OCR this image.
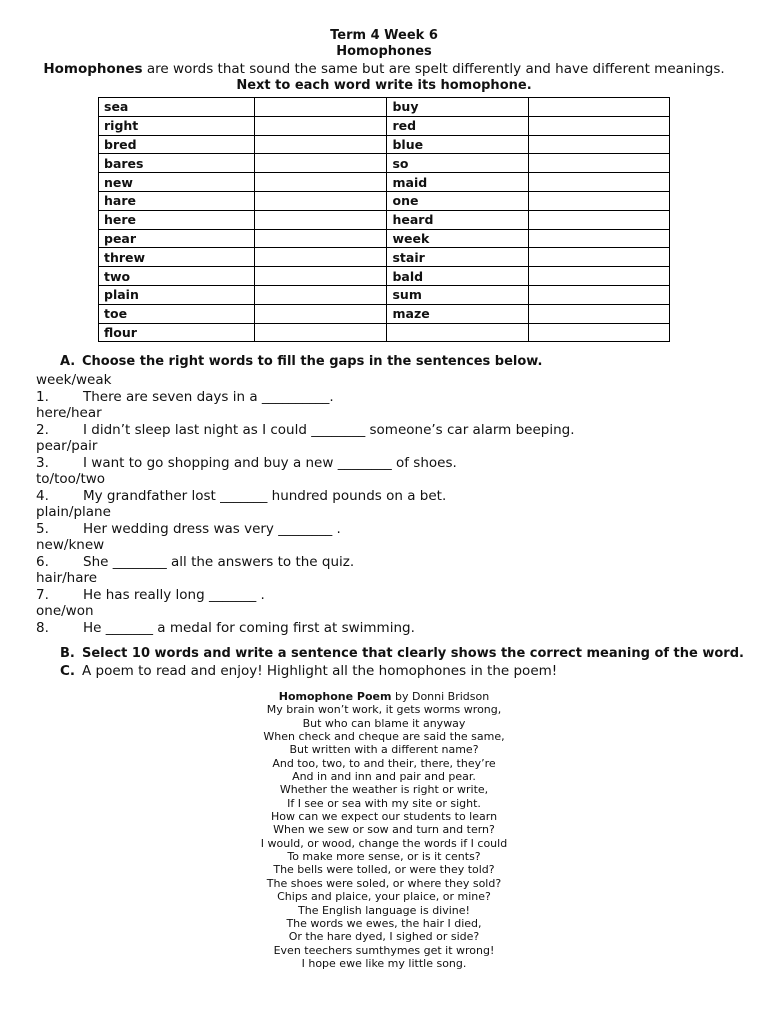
Term 4 Week 6
Homophones
Homophones are words that sound the same but are spelt differently and have different meanings.
Next to each word write its homophone.
sea		buy	
right		red	
bred		blue	
bares		so	
new		maid	
hare		one	
here		heard	
pear		week	
threw		stair	
two		bald	
plain		sum	
toe		maze	
flour			
A. Choose the right words to fill the gaps in the sentences below.
week/weak
1.	There are seven days in a __________.
here/hear
2.	I didn’t sleep last night as I could ________ someone’s car alarm beeping.
pear/pair
3.	I want to go shopping and buy a new ________ of shoes.
to/too/two
4.	My grandfather lost _______ hundred pounds on a bet.
plain/plane
5.	Her wedding dress was very ________ .
new/knew
6.	She ________ all the answers to the quiz.
hair/hare
7.	He has really long _______ .
one/won
8.	He _______ a medal for coming first at swimming.
B. Select 10 words and write a sentence that clearly shows the correct meaning of the word.
C. A poem to read and enjoy! Highlight all the homophones in the poem!
Homophone Poem by Donni Bridson
My brain won’t work, it gets worms wrong,
But who can blame it anyway
When check and cheque are said the same,
But written with a different name?
And too, two, to and their, there, they’re
And in and inn and pair and pear.
Whether the weather is right or write,
If I see or sea with my site or sight.
How can we expect our students to learn
When we sew or sow and turn and tern?
I would, or wood, change the words if I could
To make more sense, or is it cents?
The bells were tolled, or were they told?
The shoes were soled, or where they sold?
Chips and plaice, your plaice, or mine?
The English language is divine!
The words we ewes, the hair I died,
Or the hare dyed, I sighed or side?
Even teechers sumthymes get it wrong!
I hope ewe like my little song.
